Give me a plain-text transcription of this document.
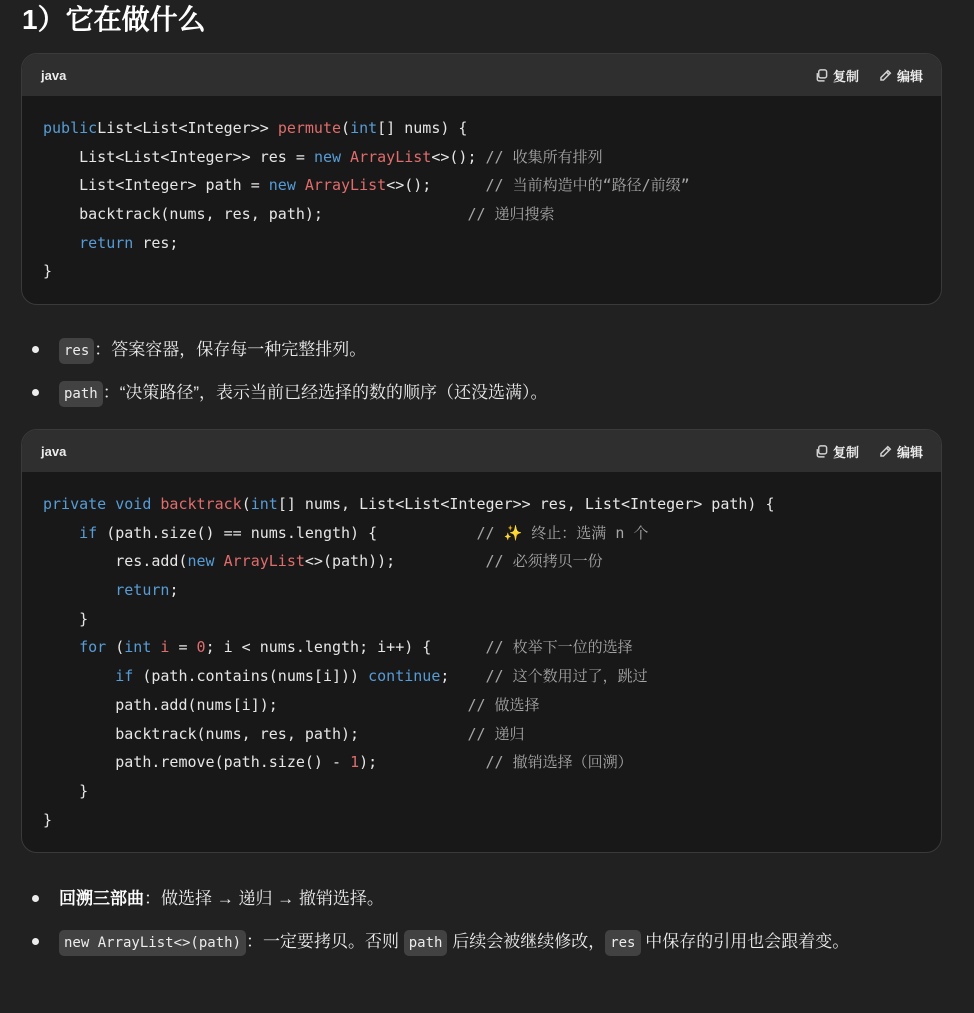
1）它在做什么
java	复制	编辑
publicList<List<Integer>> permute(int[] nums) {
List<List<Integer>> res = new ArrayList<>(); // 收集所有排列
List<Integer> path = new ArrayList<>();      // 当前构造中的“路径/前缀”
backtrack(nums, res, path);                // 递归搜索
return res;
}
res ：答案容器，保存每一种完整排列。
path ：“决策路径”，表示当前已经选择的数的顺序（还没选满）。
java	复制	编辑
private void backtrack(int[] nums, List<List<Integer>> res, List<Integer> path) {
if (path.size() == nums.length) {           // ✨ 终止：选满 n 个
res.add(new ArrayList<>(path));          // 必须拷贝一份
return;
}
for (int i = 0; i < nums.length; i++) {      // 枚举下一位的选择
if (path.contains(nums[i])) continue;    // 这个数用过了，跳过
path.add(nums[i]);                     // 做选择
backtrack(nums, res, path);            // 递归
path.remove(path.size() - 1);            // 撤销选择（回溯）
}
}
回溯三部曲：做选择 → 递归 → 撤销选择。
new ArrayList<>(path) ：一定要拷贝。否则 path 后续会被继续修改， res 中保存的引用也会跟着变。
